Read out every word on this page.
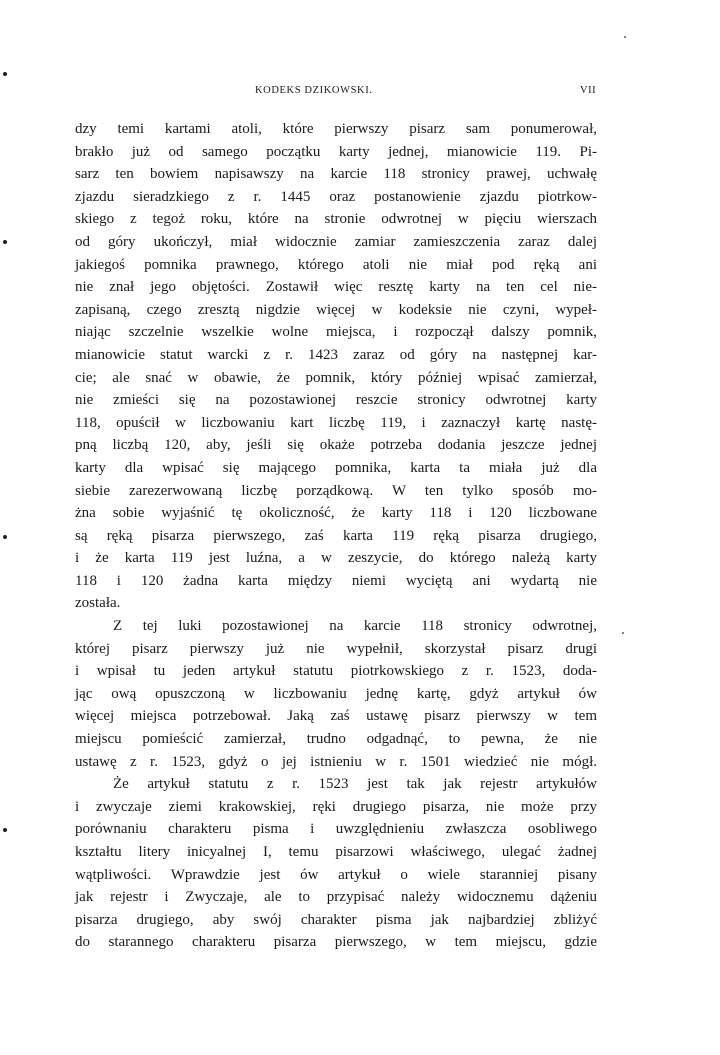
KODEKS DZIKOWSKI.	VII
dzy temi kartami atoli, które pierwszy pisarz sam ponumerował,
brakło już od samego początku karty jednej, mianowicie 119. Pi-
sarz ten bowiem napisawszy na karcie 118 stronicy prawej, uchwałę
zjazdu sieradzkiego z r. 1445 oraz postanowienie zjazdu piotrkow-
skiego z tegoż roku, które na stronie odwrotnej w pięciu wierszach
od góry ukończył, miał widocznie zamiar zamieszczenia zaraz dalej
jakiegoś pomnika prawnego, którego atoli nie miał pod ręką ani
nie znał jego objętości. Zostawił więc resztę karty na ten cel nie-
zapisaną, czego zresztą nigdzie więcej w kodeksie nie czyni, wypeł-
niając szczelnie wszelkie wolne miejsca, i rozpoczął dalszy pomnik,
mianowicie statut warcki z r. 1423 zaraz od góry na następnej kar-
cie; ale snać w obawie, że pomnik, który później wpisać zamierzał,
nie zmieści się na pozostawionej reszcie stronicy odwrotnej karty
118, opuścił w liczbowaniu kart liczbę 119, i zaznaczył kartę nastę-
pną liczbą 120, aby, jeśli się okaże potrzeba dodania jeszcze jednej
karty dla wpisać się mającego pomnika, karta ta miała już dla
siebie zarezerwowaną liczbę porządkową. W ten tylko sposób mo-
żna sobie wyjaśnić tę okoliczność, że karty 118 i 120 liczbowane
są ręką pisarza pierwszego, zaś karta 119 ręką pisarza drugiego,
i że karta 119 jest luźna, a w zeszycie, do którego należą karty
118 i 120 żadna karta między niemi wyciętą ani wydartą nie
została.
Z tej luki pozostawionej na karcie 118 stronicy odwrotnej,
której pisarz pierwszy już nie wypełnił, skorzystał pisarz drugi
i wpisał tu jeden artykuł statutu piotrkowskiego z r. 1523, doda-
jąc ową opuszczoną w liczbowaniu jednę kartę, gdyż artykuł ów
więcej miejsca potrzebował. Jaką zaś ustawę pisarz pierwszy w tem
miejscu pomieścić zamierzał, trudno odgadnąć, to pewna, że nie
ustawę z r. 1523, gdyż o jej istnieniu w r. 1501 wiedzieć nie mógł.
Że artykuł statutu z r. 1523 jest tak jak rejestr artykułów
i zwyczaje ziemi krakowskiej, ręki drugiego pisarza, nie może przy
porównaniu charakteru pisma i uwzględnieniu zwłaszcza osobliwego
kształtu litery inicyalnej I, temu pisarzowi właściwego, ulegać żadnej
wątpliwości. Wprawdzie jest ów artykuł o wiele staranniej pisany
jak rejestr i Zwyczaje, ale to przypisać należy widocznemu dążeniu
pisarza drugiego, aby swój charakter pisma jak najbardziej zbliżyć
do starannego charakteru pisarza pierwszego, w tem miejscu, gdzie
